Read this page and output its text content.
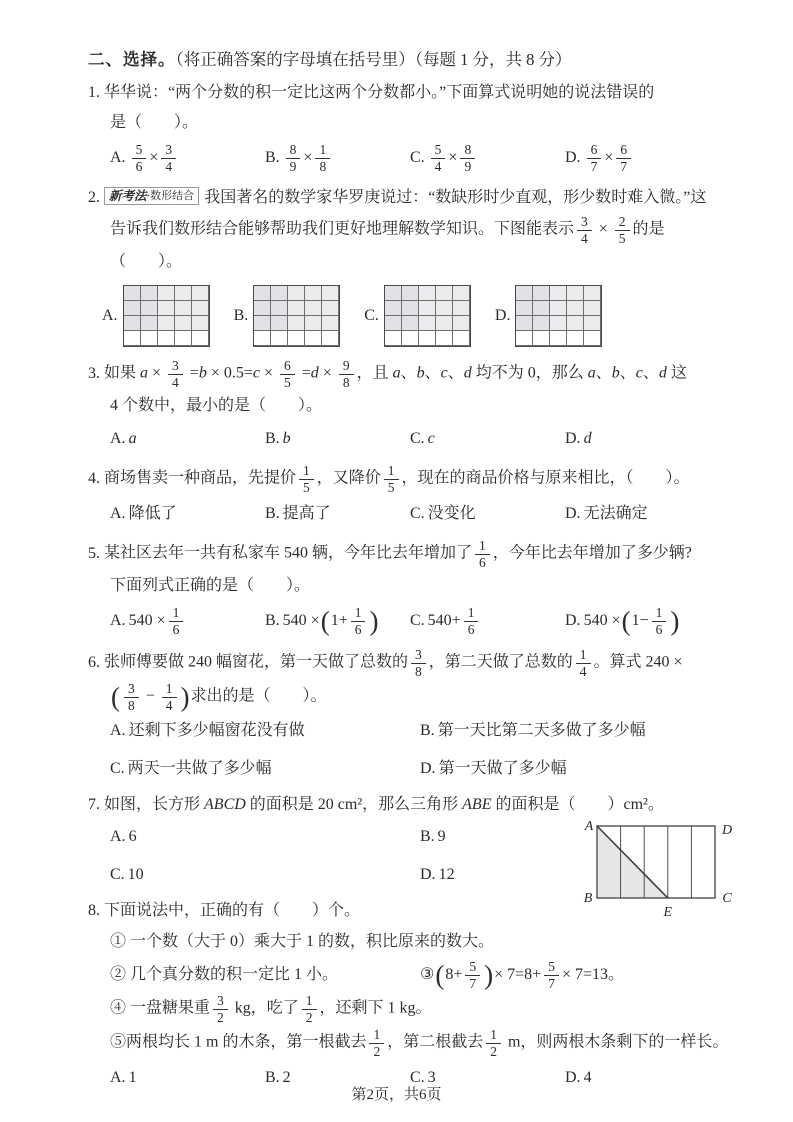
二、选择。（将正确答案的字母填在括号里）（每题 1 分，共 8 分）
1. 华华说：“两个分数的积一定比这两个分数都小。”下面算式说明她的说法错误的
是（　　）。
A. $\frac{5}{6} \times \frac{3}{4}$	B. $\frac{8}{9} \times \frac{1}{8}$	C. $\frac{5}{4} \times \frac{8}{9}$	D. $\frac{6}{7} \times \frac{6}{7}$
2. 新考法 ·数形结合 我国著名的数学家华罗庚说过：“数缺形时少直观，形少数时难入微。”这
告诉我们数形结合能够帮助我们更好地理解数学知识。下图能表示 $\frac{3}{4} \times \frac{2}{5}$ 的是（　　）。
A.	B.	C.	D.
3. 如果 $a \times \frac{3}{4} =b \times 0.5=c \times \frac{6}{5} =d \times \frac{9}{8}$ ，且 a、b、c、d 均不为 0，那么 a、b、c、d 这
4 个数中，最小的是（　　）。
A. a	B. b	C. c	D. d
4. 商场售卖一种商品，先提价 $\frac{1}{5}$ ，又降价 $\frac{1}{5}$ ，现在的商品价格与原来相比，（　　）。
A. 降低了	B. 提高了	C. 没变化	D. 无法确定
5. 某社区去年一共有私家车 540 辆，今年比去年增加了 $\frac{1}{6}$ ，今年比去年增加了多少辆?
下面列式正确的是（　　）。
A. $540 \times \frac{1}{6}$	B. 540 × ( $1+ \frac{1}{6}$ ) C. $540+ \frac{1}{6}$	D. 540 × ( $1- \frac{1}{6}$ )
6. 张师傅要做 240 幅窗花，第一天做了总数的 $\frac{3}{8}$ ，第二天做了总数的 $\frac{1}{4}$ 。算式 240 ×
( $\frac{3}{8} - \frac{1}{4}$ )求出的是（　　）。
A. 还剩下多少幅窗花没有做	B. 第一天比第二天多做了多少幅
C. 两天一共做了多少幅	D. 第一天做了多少幅
7. 如图，长方形 ABCD 的面积是 20 cm²，那么三角形 ABE 的面积是（　　）cm²。
A. 6	B. 9
C. 10	D. 12
A	D
B	C
E
8. 下面说法中，正确的有（　　）个。
① 一个数（大于 0）乘大于 1 的数，积比原来的数大。
② 几个真分数的积一定比 1 小。	③ ( $8+ \frac{5}{7}$ ) × $7=8+ \frac{5}{7} \times 7=13$。
④ 一盘糖果重 $\frac{3}{2}$ kg，吃了 $\frac{1}{2}$ ，还剩下 1 kg。
⑤两根均长 1 m 的木条，第一根截去 $\frac{1}{2}$ ，第二根截去 $\frac{1}{2}$ m，则两根木条剩下的一样长。
A. 1	B. 2	C. 3	D. 4
第2页，共6页
